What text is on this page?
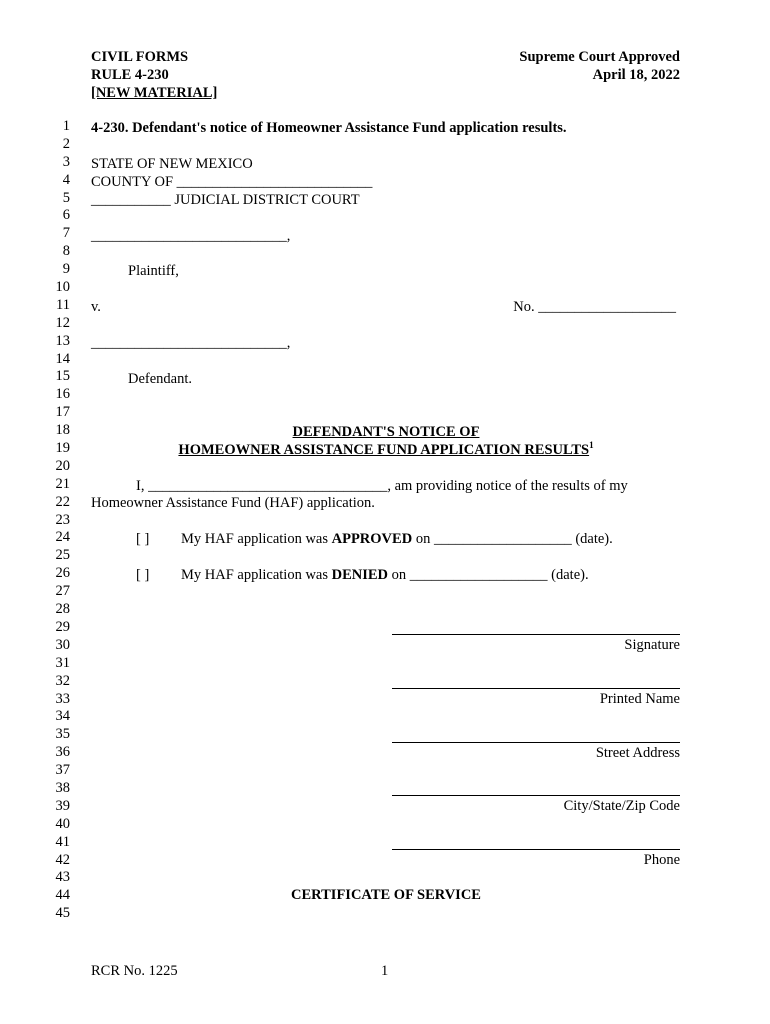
CIVIL FORMS
RULE 4-230
[NEW MATERIAL]
Supreme Court Approved
April 18, 2022
1
2
3
4
5
6
7
8
9
10
11
12
13
14
15
16
17
18
19
20
21
22
23
24
25
26
27
28
29
30
31
32
33
34
35
36
37
38
39
40
41
42
43
44
45
4-230. Defendant's notice of Homeowner Assistance Fund application results.
STATE OF NEW MEXICO
COUNTY OF ___________________________
___________ JUDICIAL DISTRICT COURT
___________________________,
Plaintiff,
v.	No. ___________________
___________________________,
Defendant.
DEFENDANT'S NOTICE OF
HOMEOWNER ASSISTANCE FUND APPLICATION RESULTS$^1$
I, _________________________________, am providing notice of the results of my
Homeowner Assistance Fund (HAF) application.
[ ] My HAF application was APPROVED on ___________________ (date).
[ ] My HAF application was DENIED on ___________________ (date).
Signature
Printed Name
Street Address
City/State/Zip Code
Phone
CERTIFICATE OF SERVICE
RCR No. 1225	1
